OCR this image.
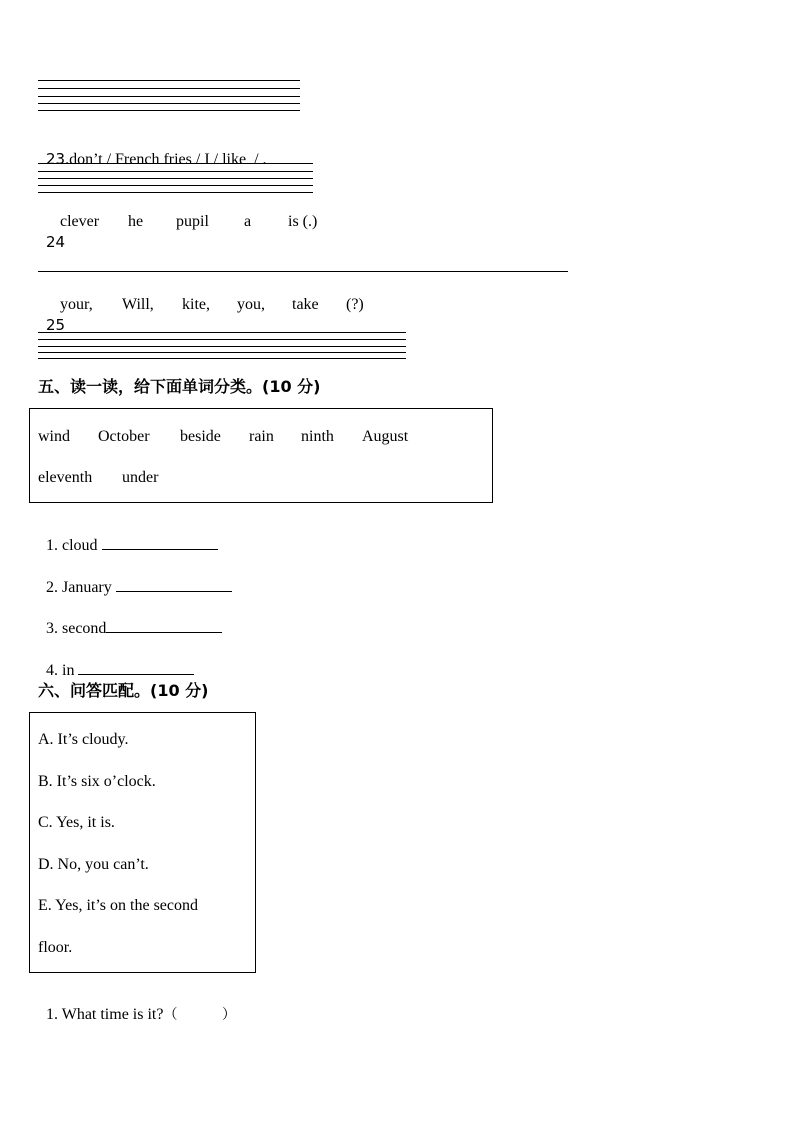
23.don’t / French fries / I / like  / .

24

clever he pupil a is (.)

25

your, Will, kite, you, take (?)
五、读一读，给下面单词分类。(10 分)
wind October beside rain ninth August
eleventh under

1. cloud

2. January

3. second

4. in

六、问答匹配。(10 分)
A. It’s cloudy.
B. It’s six o’clock.
C. Yes, it is.
D. No, you can’t.
E. Yes, it’s on the second
floor.

1. What time is it?（          ）
